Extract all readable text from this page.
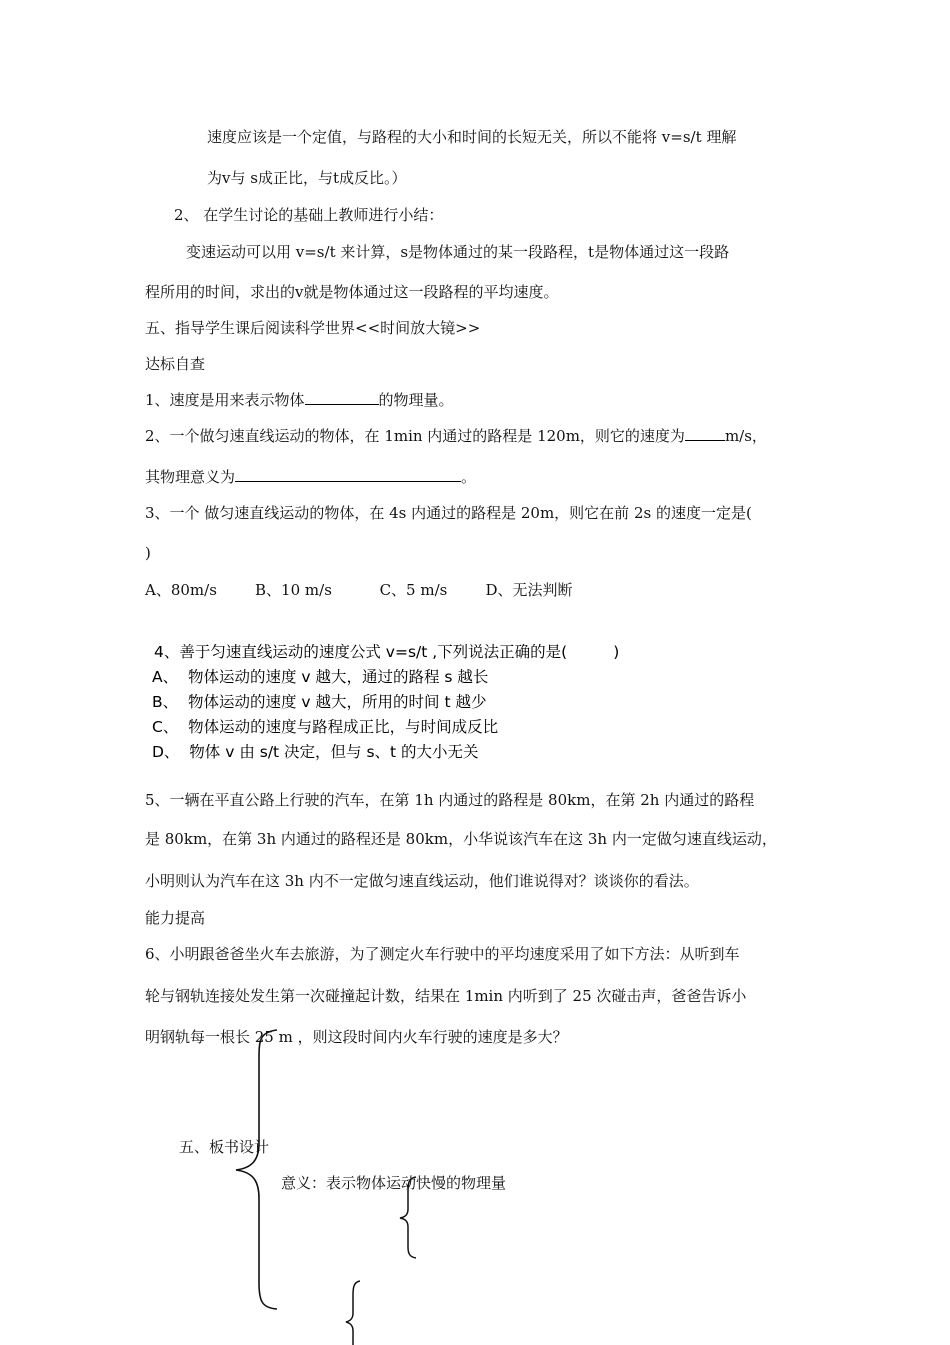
速度应该是一个定值，与路程的大小和时间的长短无关，所以不能将 v=s/t 理解
为v与 s成正比，与t成反比。）
2、 在学生讨论的基础上教师进行小结：
变速运动可以用 v=s/t 来计算，s是物体通过的某一段路程，t是物体通过这一段路
程所用的时间，求出的v就是物体通过这一段路程的平均速度。
五、指导学生课后阅读科学世界<<时间放大镜>>
达标自查
1、速度是用来表示物体	的物理量。
2、一个做匀速直线运动的物体，在 1min 内通过的路程是 120m，则它的速度为	m/s，
其物理意义为	。
3、一个 做匀速直线运动的物体，在 4s 内通过的路程是 20m，则它在前 2s 的速度一定是(
)
A、80m/s        B、10 m/s          C、5 m/s        D、无法判断
4、善于匀速直线运动的速度公式 v=s/t ,下列说法正确的是(	)
A、  物体运动的速度 v 越大，通过的路程 s 越长
B、  物体运动的速度 v 越大，所用的时间 t 越少
C、  物体运动的速度与路程成正比，与时间成反比
D、  物体 v 由 s/t 决定，但与 s、t 的大小无关
5、一辆在平直公路上行驶的汽车，在第 1h 内通过的路程是 80km，在第 2h 内通过的路程
是 80km，在第 3h 内通过的路程还是 80km，小华说该汽车在这 3h 内一定做匀速直线运动，
小明则认为汽车在这 3h 内不一定做匀速直线运动，他们谁说得对？谈谈你的看法。
能力提高
6、小明跟爸爸坐火车去旅游，为了测定火车行驶中的平均速度采用了如下方法：从听到车
轮与钢轨连接处发生第一次碰撞起计数，结果在 1min 内听到了 25 次碰击声，爸爸告诉小
明钢轨每一根长 25 m ，则这段时间内火车行驶的速度是多大？
五、板书设计
意义：表示物体运动快慢的物理量
